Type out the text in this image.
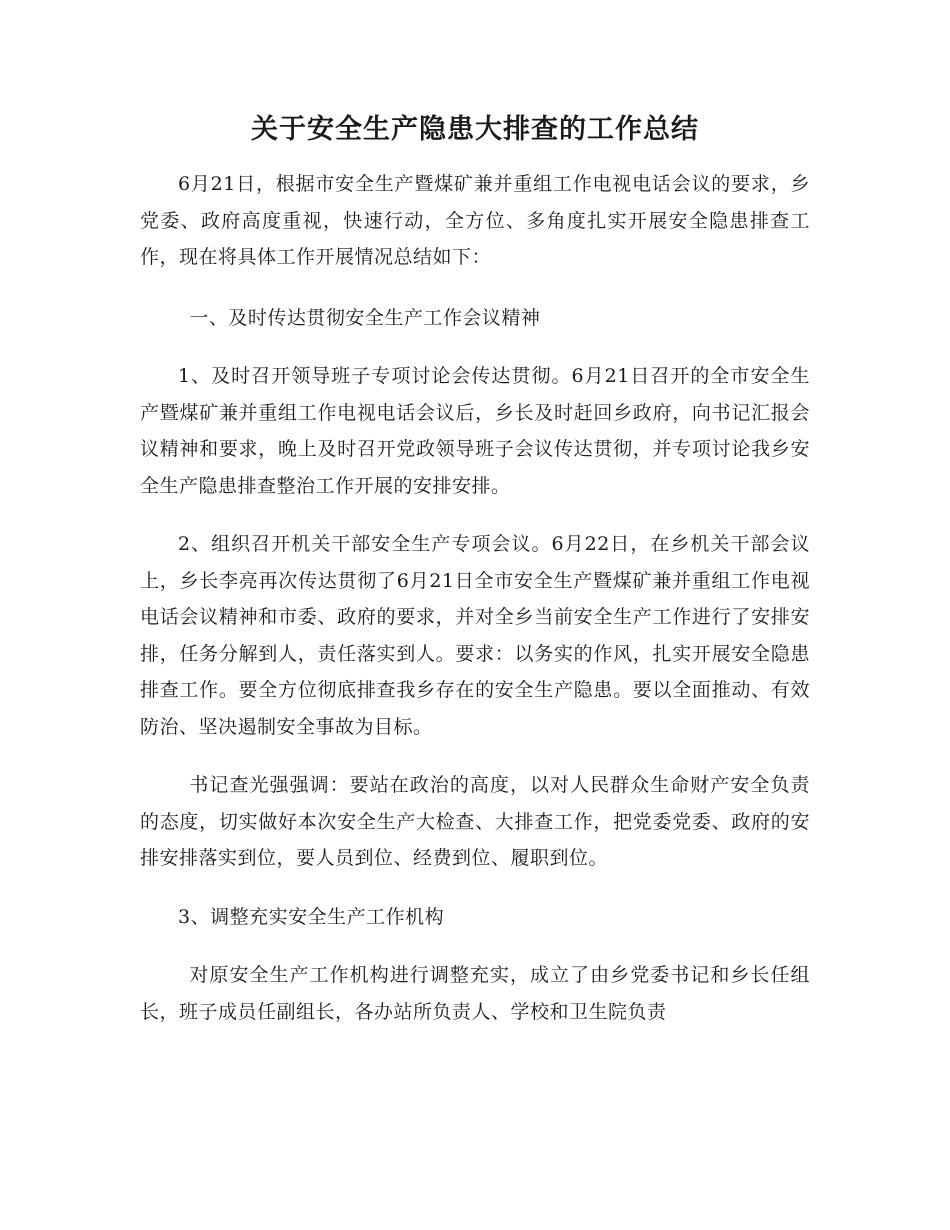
关于安全生产隐患大排查的工作总结

6月21日，根据市安全生产暨煤矿兼并重组工作电视电话会议的要求，乡党委、政府高度重视，快速行动，全方位、多角度扎实开展安全隐患排查工作，现在将具体工作开展情况总结如下：

一、及时传达贯彻安全生产工作会议精神

1、及时召开领导班子专项讨论会传达贯彻。6月21日召开的全市安全生产暨煤矿兼并重组工作电视电话会议后，乡长及时赶回乡政府，向书记汇报会议精神和要求，晚上及时召开党政领导班子会议传达贯彻，并专项讨论我乡安全生产隐患排查整治工作开展的安排安排。

2、组织召开机关干部安全生产专项会议。6月22日，在乡机关干部会议上，乡长李亮再次传达贯彻了6月21日全市安全生产暨煤矿兼并重组工作电视电话会议精神和市委、政府的要求，并对全乡当前安全生产工作进行了安排安排，任务分解到人，责任落实到人。要求：以务实的作风，扎实开展安全隐患排查工作。要全方位彻底排查我乡存在的安全生产隐患。要以全面推动、有效防治、坚决遏制安全事故为目标。

书记查光强强调：要站在政治的高度，以对人民群众生命财产安全负责的态度，切实做好本次安全生产大检查、大排查工作，把党委党委、政府的安排安排落实到位，要人员到位、经费到位、履职到位。

3、调整充实安全生产工作机构

对原安全生产工作机构进行调整充实，成立了由乡党委书记和乡长任组长，班子成员任副组长，各办站所负责人、学校和卫生院负责
